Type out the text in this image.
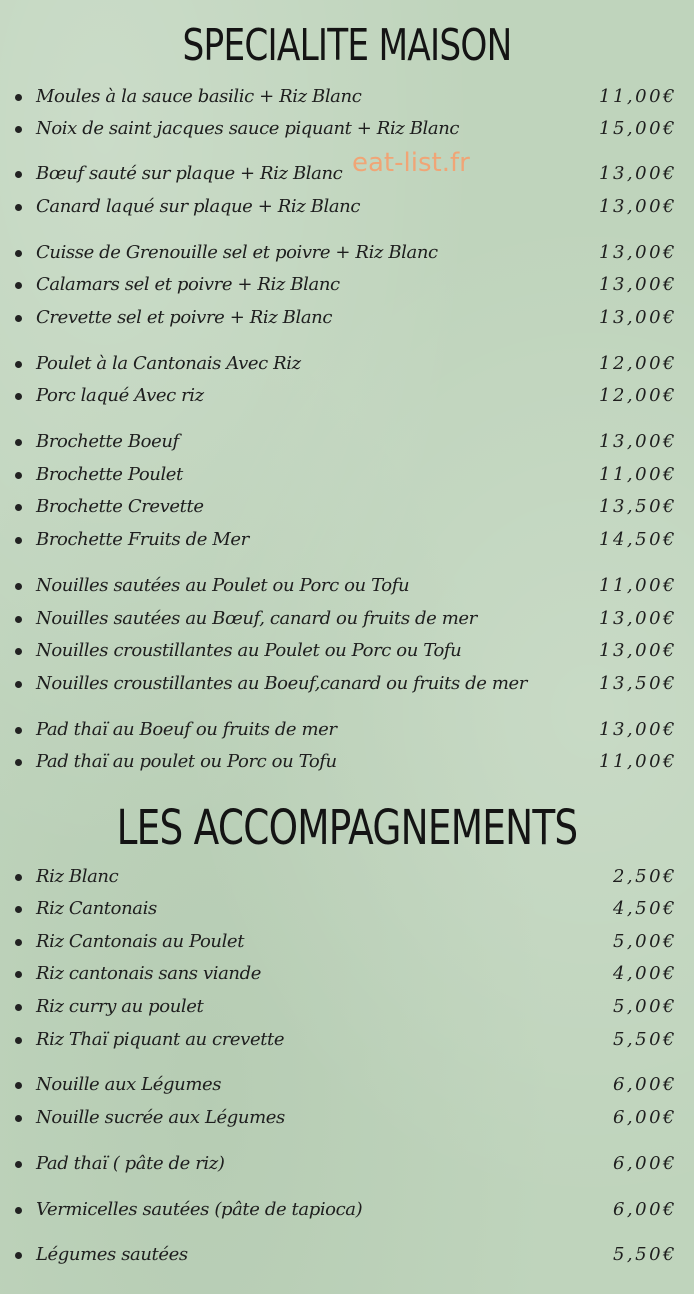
SPECIALITE MAISON
eat-list.fr
Moules à la sauce basilic + Riz Blanc	11,00€
Noix de saint jacques sauce piquant + Riz Blanc	15,00€
Bœuf sauté sur plaque + Riz Blanc	13,00€
Canard laqué sur plaque + Riz Blanc	13,00€
Cuisse de Grenouille sel et poivre + Riz Blanc	13,00€
Calamars sel et poivre + Riz Blanc	13,00€
Crevette sel et poivre + Riz Blanc	13,00€
Poulet à la Cantonais Avec Riz	12,00€
Porc laqué Avec riz	12,00€
Brochette Boeuf	13,00€
Brochette Poulet	11,00€
Brochette Crevette	13,50€
Brochette Fruits de Mer	14,50€
Nouilles sautées au Poulet ou Porc ou Tofu	11,00€
Nouilles sautées au Bœuf, canard ou fruits de mer	13,00€
Nouilles croustillantes au Poulet ou Porc ou Tofu	13,00€
Nouilles croustillantes au Boeuf,canard ou fruits de mer	13,50€
Pad thaï au Boeuf ou fruits de mer	13,00€
Pad thaï au poulet ou Porc ou Tofu	11,00€
LES ACCOMPAGNEMENTS
Riz Blanc	2,50€
Riz Cantonais	4,50€
Riz Cantonais au Poulet	5,00€
Riz cantonais sans viande	4,00€
Riz curry au poulet	5,00€
Riz Thaï piquant au crevette	5,50€
Nouille aux Légumes	6,00€
Nouille sucrée aux Légumes	6,00€
Pad thaï ( pâte de riz)	6,00€
Vermicelles sautées (pâte de tapioca)	6,00€
Légumes sautées	5,50€
